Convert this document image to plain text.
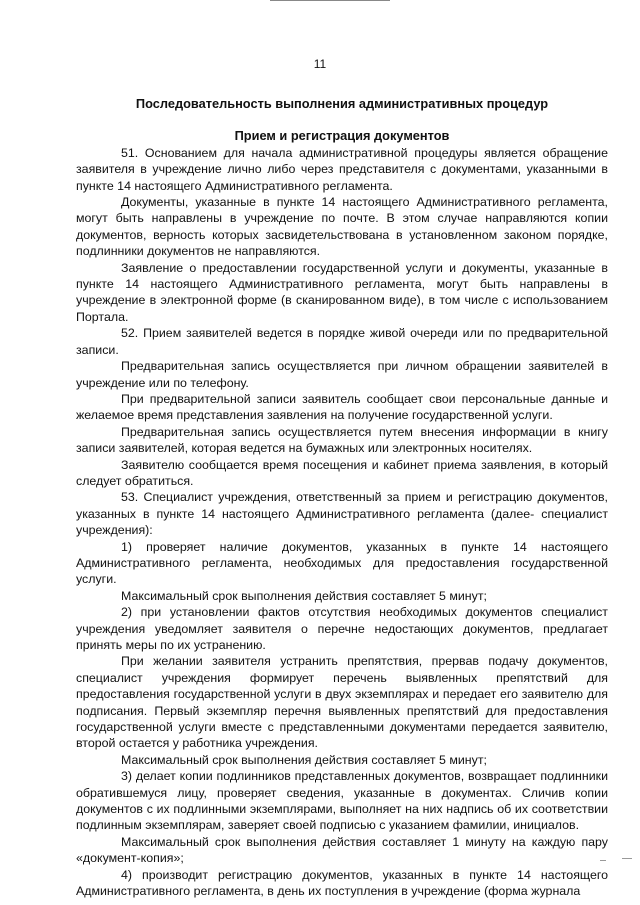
11

Последовательность выполнения административных процедур

Прием и регистрация документов

51. Основанием для начала административной процедуры является обращение заявителя в учреждение лично либо через представителя с документами, указанными в пункте 14 настоящего Административного регламента.

Документы, указанные в пункте 14 настоящего Административного регламента, могут быть направлены в учреждение по почте. В этом случае направляются копии документов, верность которых засвидетельствована в установленном законом порядке, подлинники документов не направляются.

Заявление о предоставлении государственной услуги и документы, указанные в пункте 14 настоящего Административного регламента, могут быть направлены в учреждение в электронной форме (в сканированном виде), в том числе с использованием Портала.

52. Прием заявителей ведется в порядке живой очереди или по предварительной записи.

Предварительная запись осуществляется при личном обращении заявителей в учреждение или по телефону.

При предварительной записи заявитель сообщает свои персональные данные и желаемое время представления заявления на получение государственной услуги.

Предварительная запись осуществляется путем внесения информации в книгу записи заявителей, которая ведется на бумажных или электронных носителях.

Заявителю сообщается время посещения и кабинет приема заявления, в который следует обратиться.

53. Специалист учреждения, ответственный за прием и регистрацию документов, указанных в пункте 14 настоящего Административного регламента (далее- специалист учреждения):

1) проверяет наличие документов, указанных в пункте 14 настоящего Административного регламента, необходимых для предоставления государственной услуги.

Максимальный срок выполнения действия составляет 5 минут;

2) при установлении фактов отсутствия необходимых документов специалист учреждения уведомляет заявителя о перечне недостающих документов, предлагает принять меры по их устранению.

При желании заявителя устранить препятствия, прервав подачу документов, специалист учреждения формирует перечень выявленных препятствий для предоставления государственной услуги в двух экземплярах и передает его заявителю для подписания. Первый экземпляр перечня выявленных препятствий для предоставления государственной услуги вместе с представленными документами передается заявителю, второй остается у работника учреждения.

Максимальный срок выполнения действия составляет 5 минут;

3) делает копии подлинников представленных документов, возвращает подлинники обратившемуся лицу, проверяет сведения, указанные в документах. Сличив копии документов с их подлинными экземплярами, выполняет на них надпись об их соответствии подлинным экземплярам, заверяет своей подписью с указанием фамилии, инициалов.

Максимальный срок выполнения действия составляет 1 минуту на каждую пару «документ-копия»;

4) производит регистрацию документов, указанных в пункте 14 настоящего Административного регламента, в день их поступления в учреждение (форма журнала
